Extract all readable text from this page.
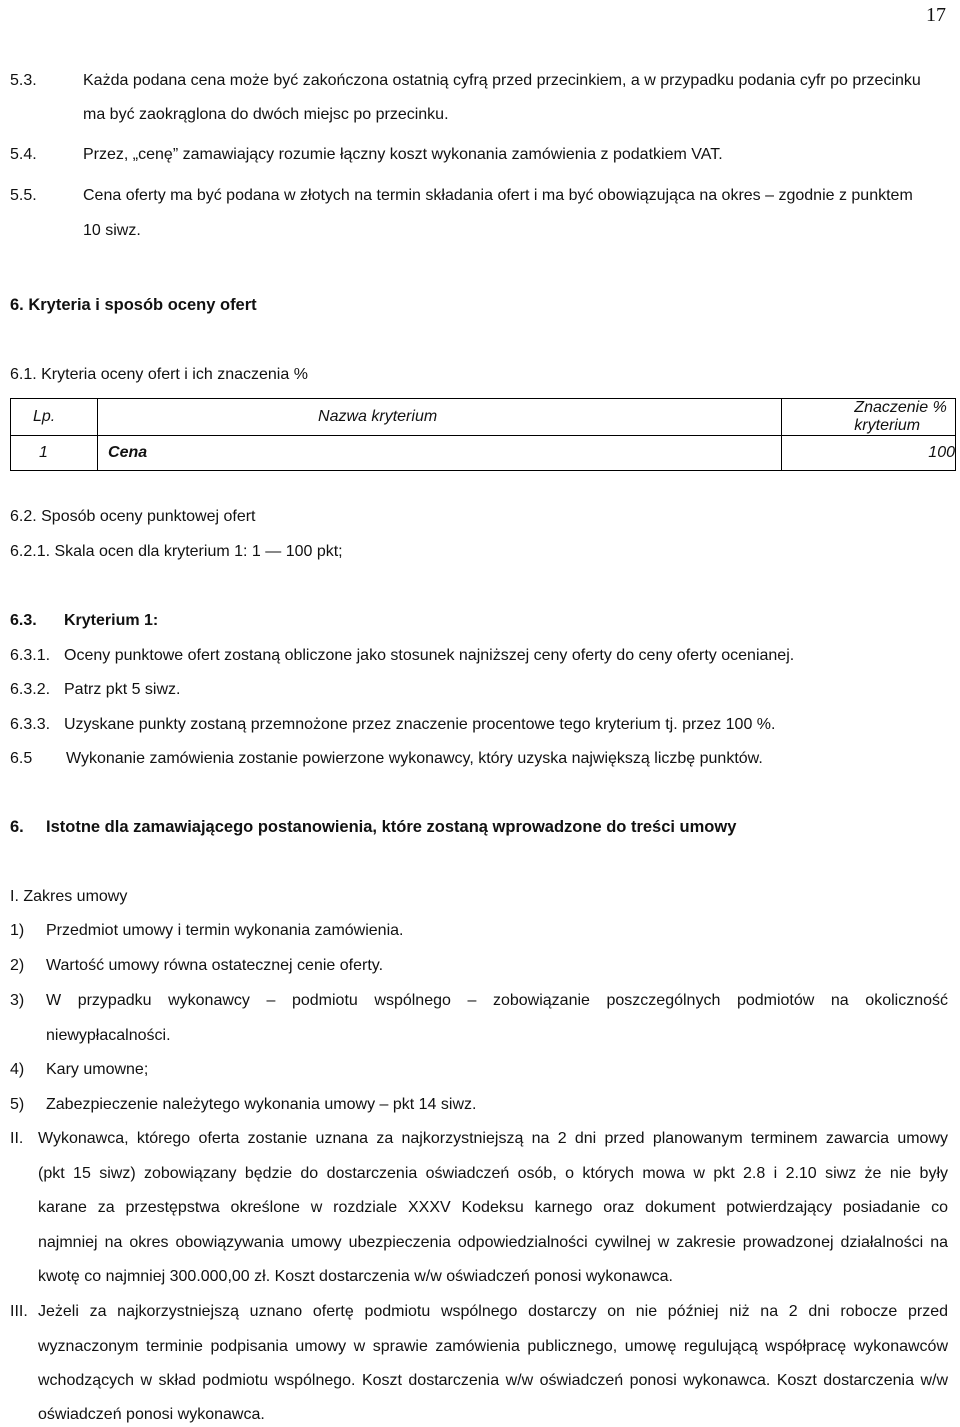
17
5.3.	Każda podana cena może być zakończona ostatnią cyfrą przed przecinkiem, a w przypadku podania cyfr po przecinku
ma być zaokrąglona do dwóch miejsc po przecinku.
5.4.	Przez, „cenę” zamawiający rozumie łączny koszt wykonania zamówienia z podatkiem VAT.
5.5.	Cena oferty ma być podana w złotych na termin składania ofert i ma być obowiązująca na okres – zgodnie z punktem
10 siwz.
6. Kryteria i sposób oceny ofert
6.1. Kryteria oceny ofert i ich znaczenia %
Lp.	Nazwa kryterium	Znaczenie % kryterium
1	Cena	100
6.2. Sposób oceny punktowej ofert
6.2.1. Skala ocen dla kryterium 1: 1 — 100 pkt;
6.3. Kryterium 1:
6.3.1. Oceny punktowe ofert zostaną obliczone jako stosunek najniższej ceny oferty do ceny oferty ocenianej.
6.3.2. Patrz pkt 5 siwz.
6.3.3. Uzyskane punkty zostaną przemnożone przez znaczenie procentowe tego kryterium tj. przez 100 %.
6.5 Wykonanie zamówienia zostanie powierzone wykonawcy, który uzyska największą liczbę punktów.
6. Istotne dla zamawiającego postanowienia, które zostaną wprowadzone do treści umowy
I. Zakres umowy
1) Przedmiot umowy i termin wykonania zamówienia.
2) Wartość umowy równa ostatecznej cenie oferty.
3) W przypadku wykonawcy – podmiotu wspólnego – zobowiązanie poszczególnych podmiotów na okoliczność
niewypłacalności.
4) Kary umowne;
5) Zabezpieczenie należytego wykonania umowy – pkt 14 siwz.
II. Wykonawca, którego oferta zostanie uznana za najkorzystniejszą na 2 dni przed planowanym terminem zawarcia umowy
(pkt 15 siwz) zobowiązany będzie do dostarczenia oświadczeń osób, o których mowa w pkt 2.8 i 2.10 siwz że nie były
karane za przestępstwa określone w rozdziale XXXV Kodeksu karnego oraz dokument potwierdzający posiadanie co
najmniej na okres obowiązywania umowy ubezpieczenia odpowiedzialności cywilnej w zakresie prowadzonej działalności na
kwotę co najmniej 300.000,00 zł. Koszt dostarczenia w/w oświadczeń ponosi wykonawca.
III. Jeżeli za najkorzystniejszą uznano ofertę podmiotu wspólnego dostarczy on nie później niż na 2 dni robocze przed
wyznaczonym terminie podpisania umowy w sprawie zamówienia publicznego, umowę regulującą współpracę wykonawców
wchodzących w skład podmiotu wspólnego. Koszt dostarczenia w/w oświadczeń ponosi wykonawca. Koszt dostarczenia w/w
oświadczeń ponosi wykonawca.
